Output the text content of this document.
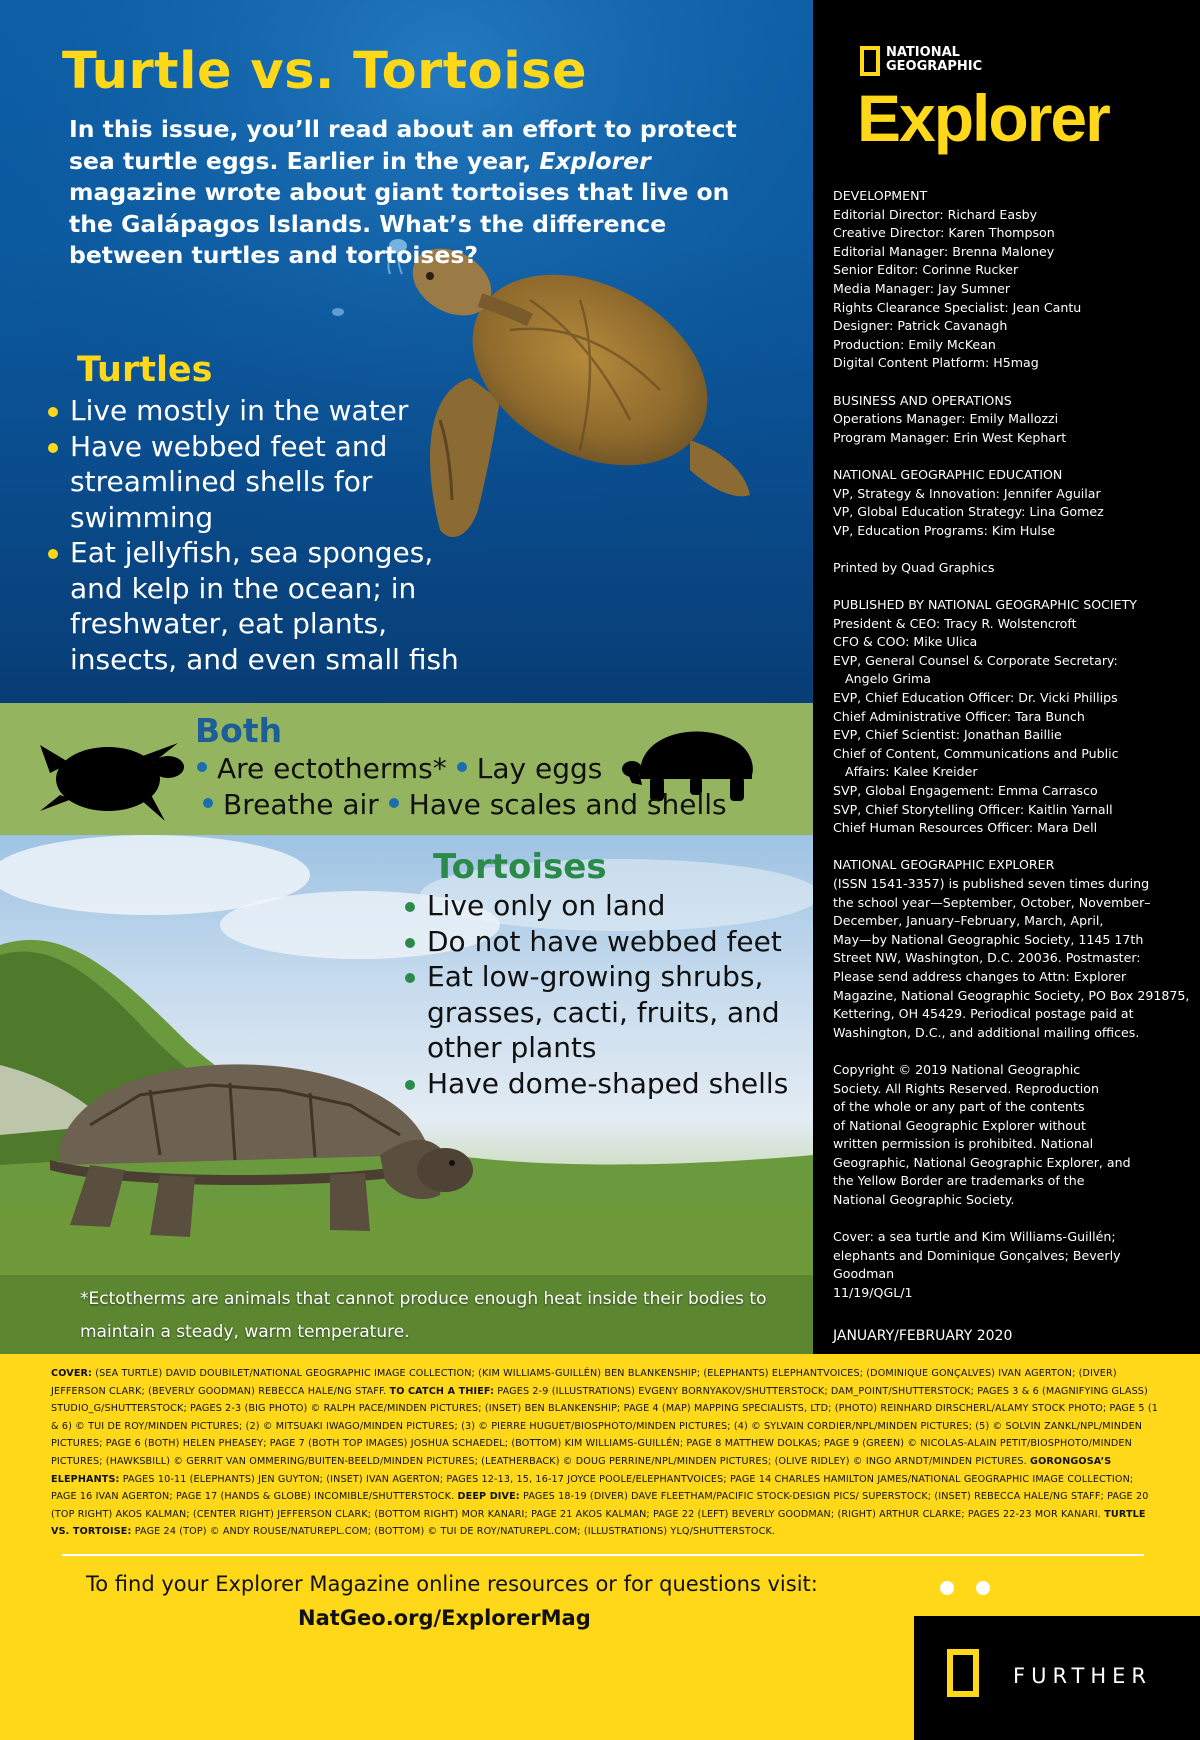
Turtle vs. Tortoise

In this issue, you’ll read about an effort to protect sea turtle eggs. Earlier in the year, Explorer magazine wrote about giant tortoises that live on the Galápagos Islands. What’s the difference between turtles and tortoises?

Turtles
Live mostly in the water
Have webbed feet and streamlined shells for swimming
Eat jellyfish, sea sponges, and kelp in the ocean; in freshwater, eat plants, insects, and even small fish
Both
Are ectotherms* Lay eggs
Breathe air Have scales and shells
Tortoises
Live only on land
Do not have webbed feet
Eat low-growing shrubs, grasses, cacti, fruits, and other plants
Have dome-shaped shells

*Ectotherms are animals that cannot produce enough heat inside their bodies to maintain a steady, warm temperature.

NATIONAL
GEOGRAPHIC
Explorer
DEVELOPMENT
Editorial Director: Richard Easby
Creative Director: Karen Thompson
Editorial Manager: Brenna Maloney
Senior Editor: Corinne Rucker
Media Manager: Jay Sumner
Rights Clearance Specialist: Jean Cantu
Designer: Patrick Cavanagh
Production: Emily McKean
Digital Content Platform: H5mag
BUSINESS AND OPERATIONS
Operations Manager: Emily Mallozzi
Program Manager: Erin West Kephart
NATIONAL GEOGRAPHIC EDUCATION
VP, Strategy & Innovation: Jennifer Aguilar
VP, Global Education Strategy: Lina Gomez
VP, Education Programs: Kim Hulse
Printed by Quad Graphics
PUBLISHED BY NATIONAL GEOGRAPHIC SOCIETY
President & CEO: Tracy R. Wolstencroft
CFO & COO: Mike Ulica
EVP, General Counsel & Corporate Secretary:
Angelo Grima
EVP, Chief Education Officer: Dr. Vicki Phillips
Chief Administrative Officer: Tara Bunch
EVP, Chief Scientist: Jonathan Baillie
Chief of Content, Communications and Public
Affairs: Kalee Kreider
SVP, Global Engagement: Emma Carrasco
SVP, Chief Storytelling Officer: Kaitlin Yarnall
Chief Human Resources Officer: Mara Dell
NATIONAL GEOGRAPHIC EXPLORER
(ISSN 1541-3357) is published seven times during
the school year—September, October, November–
December, January–February, March, April,
May—by National Geographic Society, 1145 17th
Street NW, Washington, D.C. 20036. Postmaster:
Please send address changes to Attn: Explorer
Magazine, National Geographic Society, PO Box 291875,
Kettering, OH 45429. Periodical postage paid at
Washington, D.C., and additional mailing offices.
Copyright © 2019 National Geographic
Society. All Rights Reserved. Reproduction
of the whole or any part of the contents
of National Geographic Explorer without
written permission is prohibited. National
Geographic, National Geographic Explorer, and
the Yellow Border are trademarks of the
National Geographic Society.
Cover: a sea turtle and Kim Williams-Guillén;
elephants and Dominique Gonçalves; Beverly
Goodman
11/19/QGL/1
JANUARY/FEBRUARY 2020

COVER: (SEA TURTLE) DAVID DOUBILET/NATIONAL GEOGRAPHIC IMAGE COLLECTION; (KIM WILLIAMS-GUILLÉN) BEN BLANKENSHIP; (ELEPHANTS) ELEPHANTVOICES; (DOMINIQUE GONÇALVES) IVAN AGERTON; (DIVER) JEFFERSON CLARK; (BEVERLY GOODMAN) REBECCA HALE/NG STAFF. TO CATCH A THIEF: PAGES 2-9 (ILLUSTRATIONS) EVGENY BORNYAKOV/SHUTTERSTOCK; DAM_POINT/SHUTTERSTOCK; PAGES 3 & 6 (MAGNIFYING GLASS) STUDIO_G/SHUTTERSTOCK; PAGES 2-3 (BIG PHOTO) © RALPH PACE/MINDEN PICTURES; (INSET) BEN BLANKENSHIP; PAGE 4 (MAP) MAPPING SPECIALISTS, LTD; (PHOTO) REINHARD DIRSCHERL/ALAMY STOCK PHOTO; PAGE 5 (1 & 6) © TUI DE ROY/MINDEN PICTURES; (2) © MITSUAKI IWAGO/MINDEN PICTURES; (3) © PIERRE HUGUET/BIOSPHOTO/MINDEN PICTURES; (4) © SYLVAIN CORDIER/NPL/MINDEN PICTURES; (5) © SOLVIN ZANKL/NPL/MINDEN PICTURES; PAGE 6 (BOTH) HELEN PHEASEY; PAGE 7 (BOTH TOP IMAGES) JOSHUA SCHAEDEL; (BOTTOM) KIM WILLIAMS-GUILLÉN; PAGE 8 MATTHEW DOLKAS; PAGE 9 (GREEN) © NICOLAS-ALAIN PETIT/BIOSPHOTO/MINDEN PICTURES; (HAWKSBILL) © GERRIT VAN OMMERING/BUITEN-BEELD/MINDEN PICTURES; (LEATHERBACK) © DOUG PERRINE/NPL/MINDEN PICTURES; (OLIVE RIDLEY) © INGO ARNDT/MINDEN PICTURES. GORONGOSA’S ELEPHANTS: PAGES 10-11 (ELEPHANTS) JEN GUYTON; (INSET) IVAN AGERTON; PAGES 12-13, 15, 16-17 JOYCE POOLE/ELEPHANTVOICES; PAGE 14 CHARLES HAMILTON JAMES/NATIONAL GEOGRAPHIC IMAGE COLLECTION; PAGE 16 IVAN AGERTON; PAGE 17 (HANDS & GLOBE) INCOMIBLE/SHUTTERSTOCK. DEEP DIVE: PAGES 18-19 (DIVER) DAVE FLEETHAM/PACIFIC STOCK-DESIGN PICS/ SUPERSTOCK; (INSET) REBECCA HALE/NG STAFF; PAGE 20 (TOP RIGHT) AKOS KALMAN; (CENTER RIGHT) JEFFERSON CLARK; (BOTTOM RIGHT) MOR KANARI; PAGE 21 AKOS KALMAN; PAGE 22 (LEFT) BEVERLY GOODMAN; (RIGHT) ARTHUR CLARKE; PAGES 22-23 MOR KANARI. TURTLE VS. TORTOISE: PAGE 24 (TOP) © ANDY ROUSE/NATUREPL.COM; (BOTTOM) © TUI DE ROY/NATUREPL.COM; (ILLUSTRATIONS) YLQ/SHUTTERSTOCK.

To find your Explorer Magazine online resources or for questions visit:
NatGeo.org/ExplorerMag
FURTHER
